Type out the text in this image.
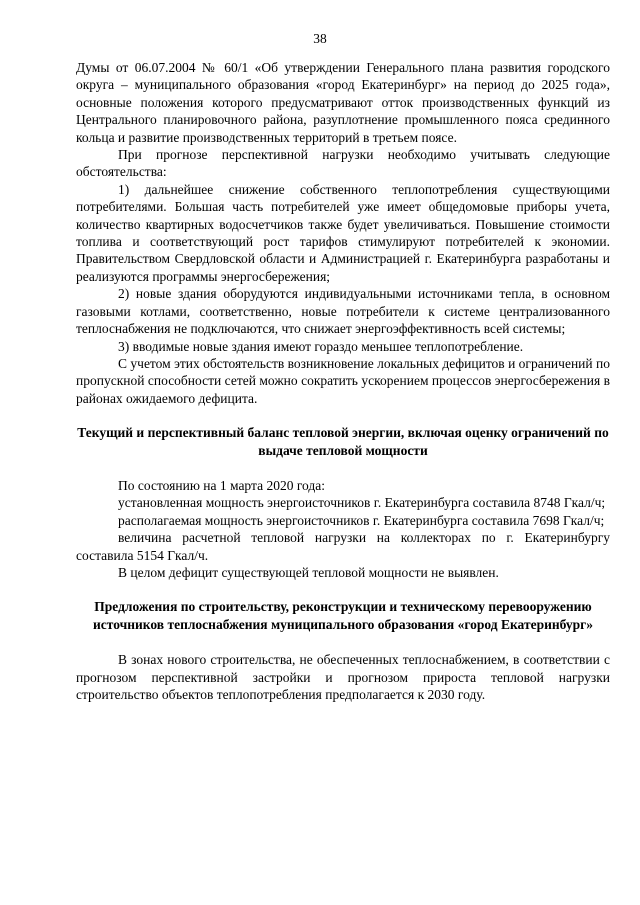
38

Думы от 06.07.2004 № 60/1 «Об утверждении Генерального плана развития городского округа – муниципального образования «город Екатеринбург» на период до 2025 года», основные положения которого предусматривают отток производственных функций из Центрального планировочного района, разуплотнение промышленного пояса срединного кольца и развитие производственных территорий в третьем поясе.

При прогнозе перспективной нагрузки необходимо учитывать следующие обстоятельства:

1) дальнейшее снижение собственного теплопотребления существующими потребителями. Большая часть потребителей уже имеет общедомовые приборы учета, количество квартирных водосчетчиков также будет увеличиваться. Повышение стоимости топлива и соответствующий рост тарифов стимулируют потребителей к экономии. Правительством Свердловской области и Администрацией г. Екатеринбурга разработаны и реализуются программы энергосбережения;

2) новые здания оборудуются индивидуальными источниками тепла, в основном газовыми котлами, соответственно, новые потребители к системе централизованного теплоснабжения не подключаются, что снижает энергоэффективность всей системы;

3) вводимые новые здания имеют гораздо меньшее теплопотребление.

С учетом этих обстоятельств возникновение локальных дефицитов и ограничений по пропускной способности сетей можно сократить ускорением процессов энергосбережения в районах ожидаемого дефицита.

Текущий и перспективный баланс тепловой энергии, включая оценку ограничений по выдаче тепловой мощности

По состоянию на 1 марта 2020 года:

установленная мощность энергоисточников г. Екатеринбурга составила 8748 Гкал/ч;

располагаемая мощность энергоисточников г. Екатеринбурга составила 7698 Гкал/ч;

величина расчетной тепловой нагрузки на коллекторах по г. Екатеринбургу составила 5154 Гкал/ч.

В целом дефицит существующей тепловой мощности не выявлен.

Предложения по строительству, реконструкции и техническому перевооружению источников теплоснабжения муниципального образования «город Екатеринбург»

В зонах нового строительства, не обеспеченных теплоснабжением, в соответствии с прогнозом перспективной застройки и прогнозом прироста тепловой нагрузки строительство объектов теплопотребления предполагается к 2030 году.
